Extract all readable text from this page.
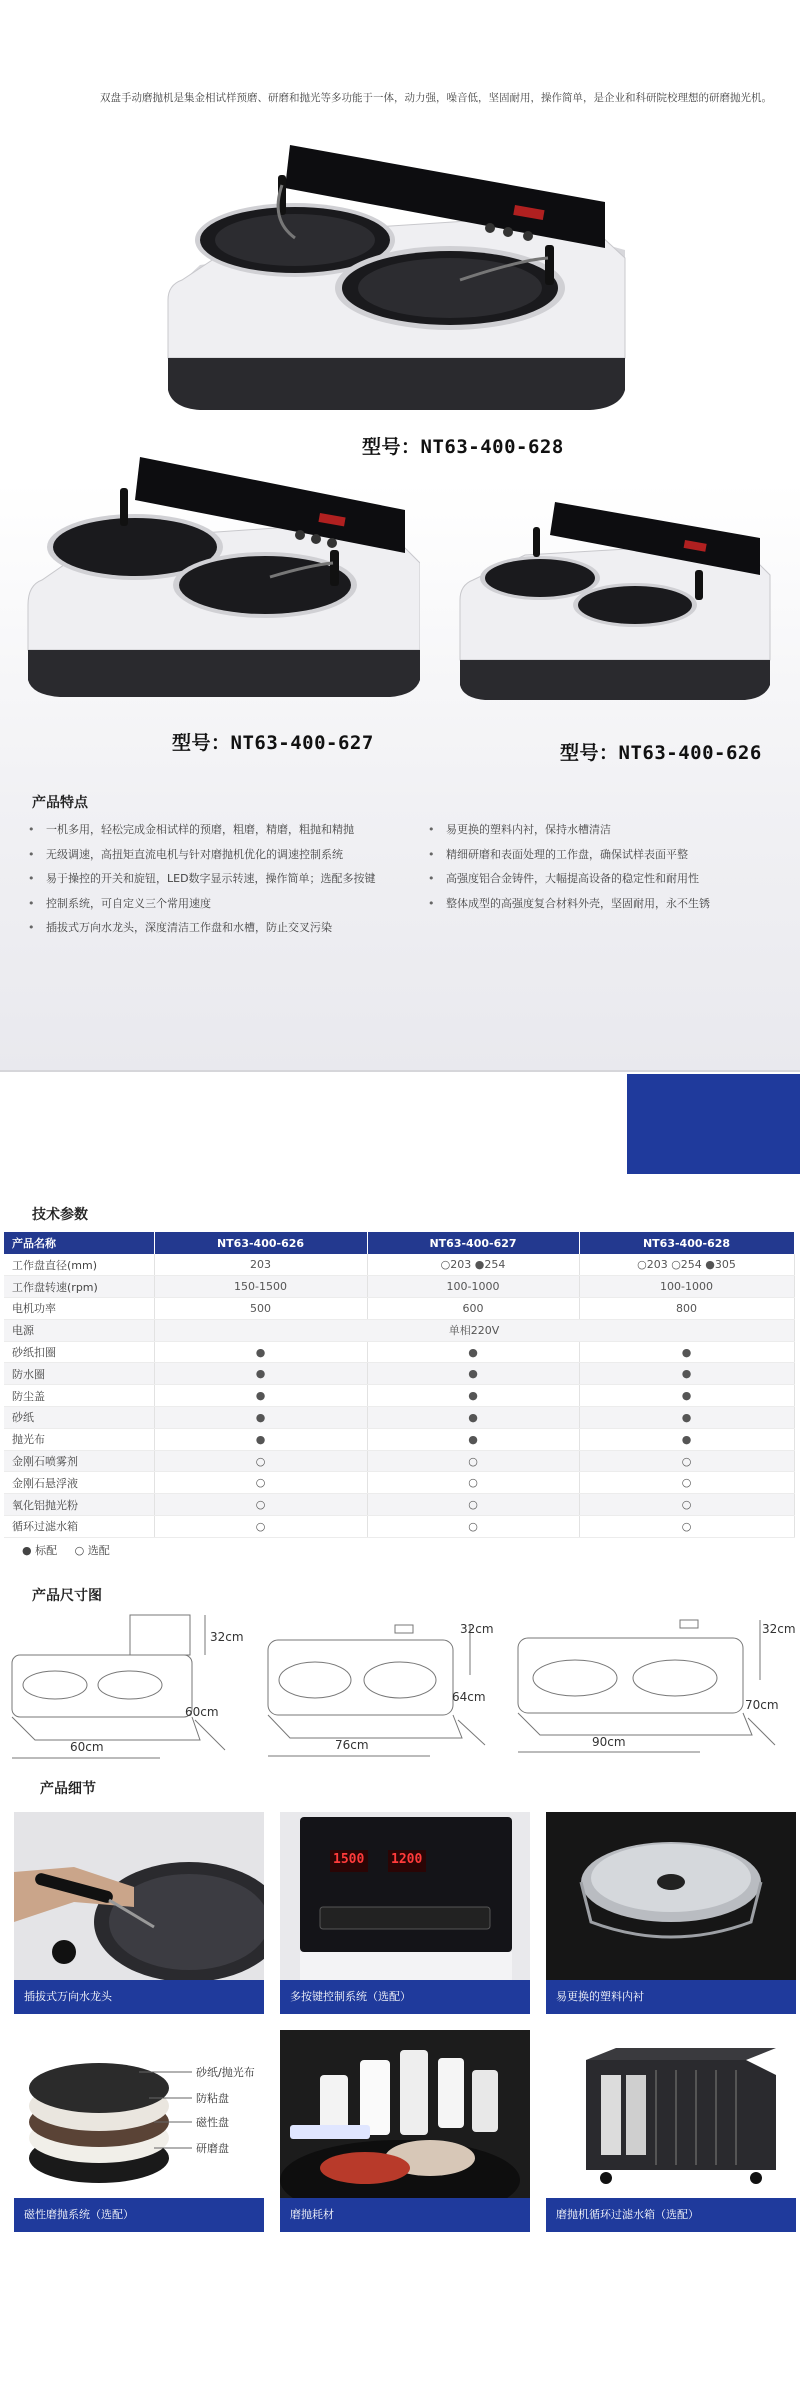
双盘手动磨抛机是集金相试样预磨、研磨和抛光等多功能于一体，动力强，噪音低，坚固耐用，操作简单，是企业和科研院校理想的研磨抛光机。

型号：NT63-400-628
型号：NT63-400-627	型号：NT63-400-626
产品特点
• 一机多用，轻松完成金相试样的预磨，粗磨，精磨，粗抛和精抛
• 无级调速，高扭矩直流电机与针对磨抛机优化的调速控制系统
• 易于操控的开关和旋钮，LED数字显示转速，操作简单；选配多按键
• 控制系统，可自定义三个常用速度
• 插拔式万向水龙头，深度清洁工作盘和水槽，防止交叉污染
• 易更换的塑料内衬，保持水槽清洁
• 精细研磨和表面处理的工作盘，确保试样表面平整
• 高强度铝合金铸件，大幅提高设备的稳定性和耐用性
• 整体成型的高强度复合材料外壳，坚固耐用，永不生锈
技术参数
产品名称	NT63-400-626	NT63-400-627	NT63-400-628
工作盘直径(mm)	203	○203 ●254	○203 ○254 ●305
工作盘转速(rpm)	150-1500	100-1000	100-1000
电机功率	500	600	800
电源	单相220V		
砂纸扣圈	●	●	●
防水圈	●	●	●
防尘盖	●	●	●
砂纸	●	●	●
抛光布	●	●	●
金刚石喷雾剂	○	○	○
金刚石悬浮液	○	○	○
氧化铝抛光粉	○	○	○
循环过滤水箱	○	○	○
● 标配 ○ 选配
产品尺寸图
32cm
60cm
60cm
32cm
64cm
76cm
32cm
70cm
90cm
产品细节
插拔式万向水龙头
1500 1200
多按键控制系统（选配）	易更换的塑料内衬
砂纸/抛光布
防粘盘
磁性盘
研磨盘
磁性磨抛系统（选配）	磨抛耗材	磨抛机循环过滤水箱（选配）
